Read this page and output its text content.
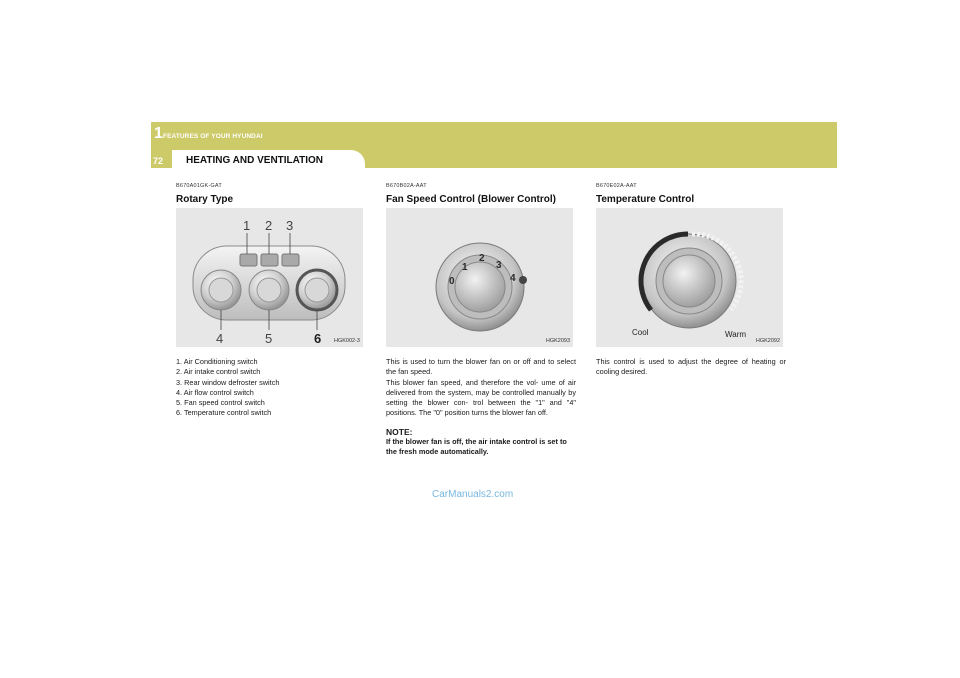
1 FEATURES OF YOUR HYUNDAI
72 HEATING AND VENTILATION
B670A01GK-GAT
Rotary Type
1 2 3
4	5	6 HGK002-3
1. Air Conditioning switch
2. Air intake control switch
3. Rear window defroster switch
4. Air flow control switch
5. Fan speed control switch
6. Temperature control switch
B670B02A-AAT
Fan Speed Control (Blower Control)
0
1
2
3
4
HGK2093

This is used to turn the blower fan on or off and to select the fan speed.

This blower fan speed, and therefore the vol- ume of air delivered from the system, may be controlled manually by setting the blower con- trol between the "1" and "4" positions. The "0" position turns the blower fan off.

NOTE:

If the blower fan is off, the air intake control is set to the fresh mode automatically.

B670E02A-AAT
Temperature Control
Cool	Warm
HGK2092

This control is used to adjust the degree of heating or cooling desired.

CarManuals2.com
